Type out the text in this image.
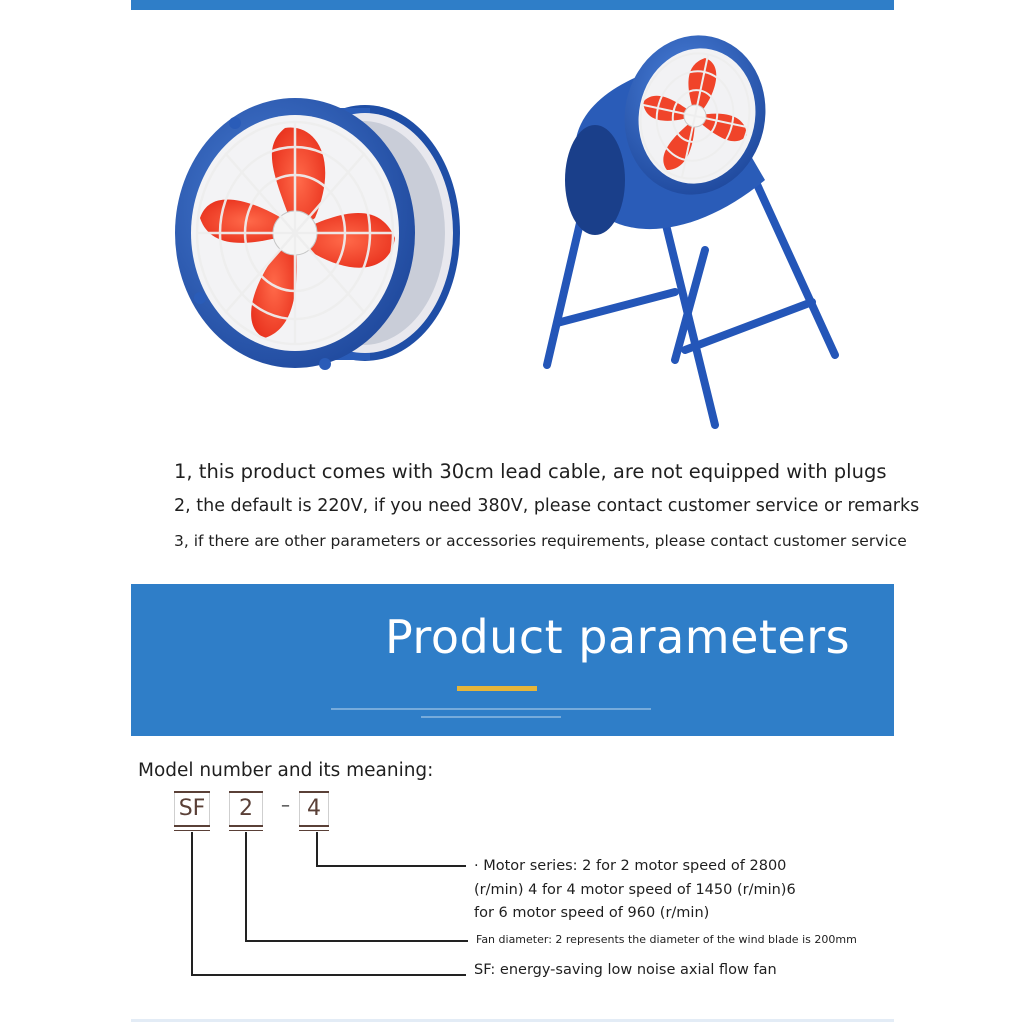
1, this product comes with 30cm lead cable, are not equipped with plugs
2, the default is 220V, if you need 380V, please contact customer service or remarks
3, if there are other parameters or accessories requirements, please contact customer service
Product parameters
Model number and its meaning:
SF	2	– 4
· Motor series: 2 for 2 motor speed of 2800
(r/min) 4 for 4 motor speed of 1450 (r/min)6
for 6 motor speed of 960 (r/min)
Fan diameter: 2 represents the diameter of the wind blade is 200mm
SF: energy-saving low noise axial flow fan
